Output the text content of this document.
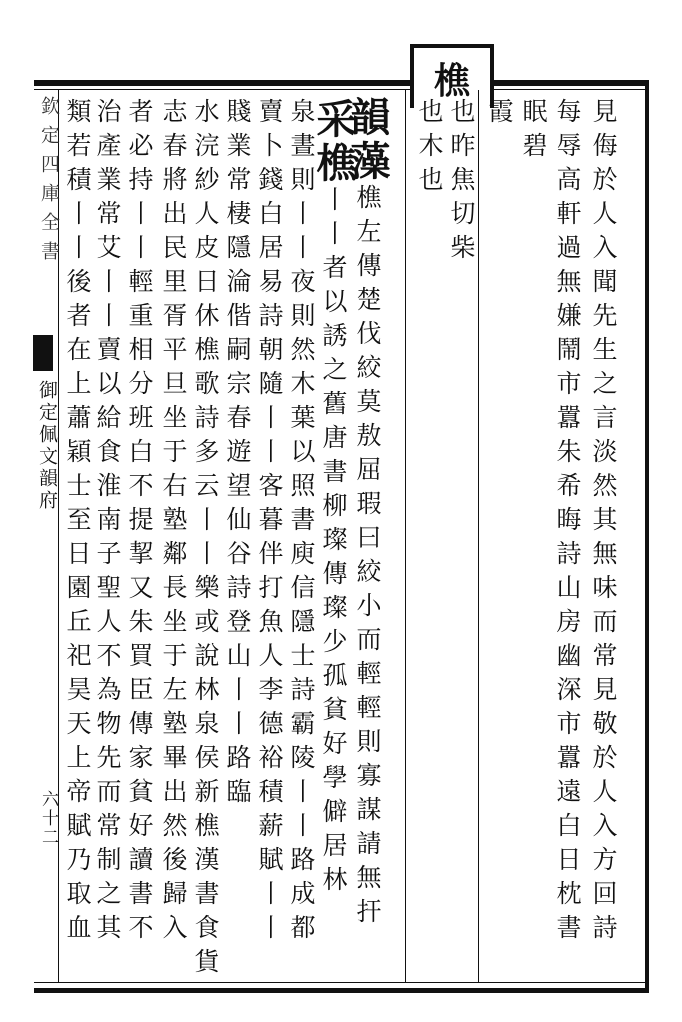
樵
欽定四庫全書
御定佩文韻府
六十二	見侮於人入聞先生之言淡然其無味而常見敬於人入方回詩
每辱高軒過無嫌鬧市囂朱希晦詩山房幽深市囂遠白日枕書
眠碧
霞
也昨焦切柴
也木也
韻藻樵左傳楚伐絞莫敖屈瑕曰絞小而輕輕則寡謀請無扞
采樵丨丨者以誘之舊唐書柳璨傳璨少孤貧好學僻居林
泉晝則丨丨夜則然木葉以照書庾信隱士詩霸陵丨丨路成都
賣卜錢白居易詩朝隨丨丨客暮伴打魚人李德裕積薪賦丨丨
賤業常棲隱淪偕嗣宗春遊望仙谷詩登山丨丨路臨
水浣紗人皮日休樵歌詩多云丨丨樂或說林泉侯新樵漢書食貨
志春將出民里胥平旦坐于右塾鄰長坐于左塾畢出然後歸入
者必持丨丨輕重相分班白不提挈又朱買臣傳家貧好讀書不
治產業常艾丨丨賣以給食淮南子聖人不為物先而常制之其
類若積丨丨後者在上蕭穎士至日園丘祀昊天上帝賦乃取血
